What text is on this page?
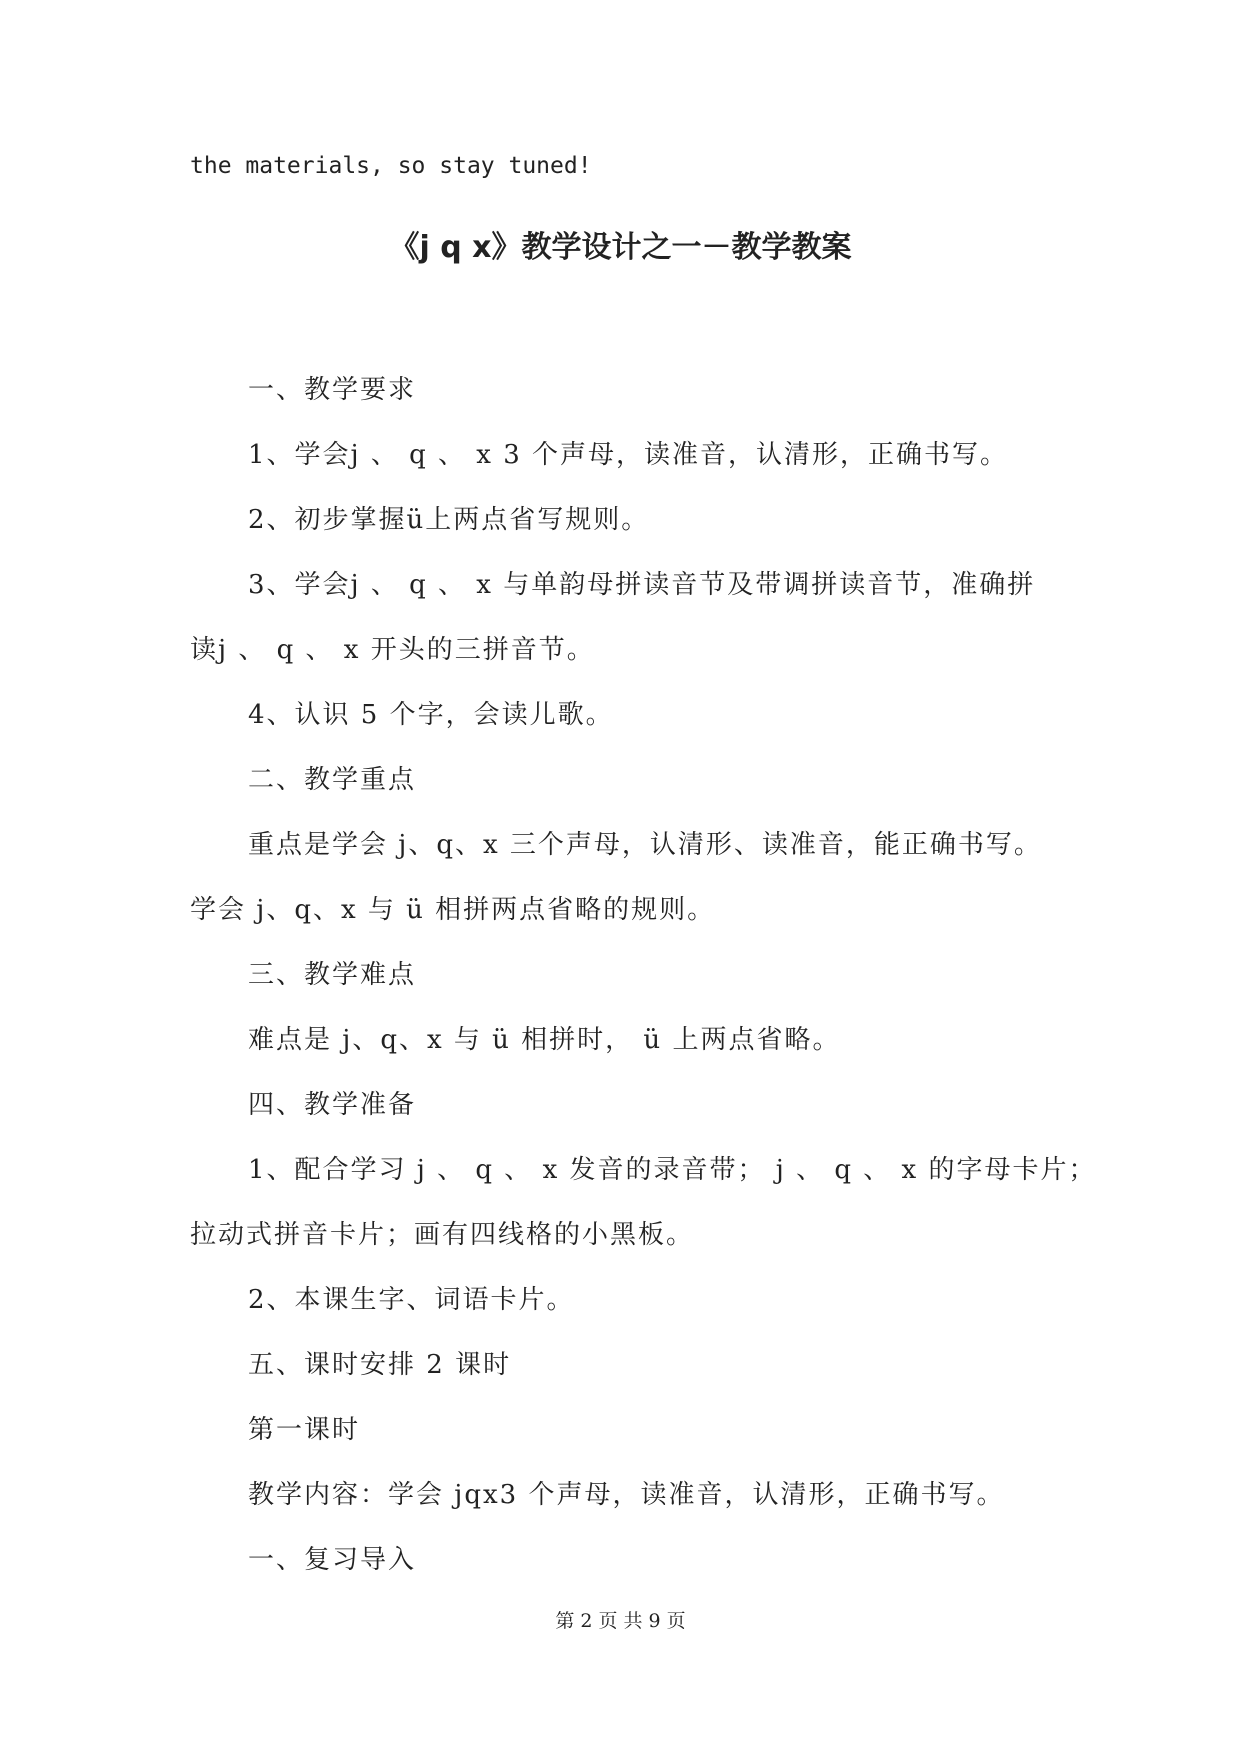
the materials, so stay tuned!
《j q x》教学设计之一－教学教案

一、教学要求

1、学会j 、 q 、 x 3 个声母，读准音，认清形，正确书写。

2、初步掌握ü上两点省写规则。

3、学会j 、 q 、 x 与单韵母拼读音节及带调拼读音节，准确拼

读j 、 q 、 x 开头的三拼音节。

4、认识 5 个字，会读儿歌。

二、教学重点

重点是学会 j、q、x 三个声母，认清形、读准音，能正确书写。

学会 j、q、x 与 ü 相拼两点省略的规则。

三、教学难点

难点是 j、q、x 与 ü 相拼时， ü 上两点省略。

四、教学准备

1、配合学习 j 、 q 、 x 发音的录音带； j 、 q 、 x 的字母卡片；

拉动式拼音卡片；画有四线格的小黑板。

2、本课生字、词语卡片。

五、课时安排 2 课时

第一课时

教学内容：学会 jqx3 个声母，读准音，认清形，正确书写。

一、复习导入

第 2 页 共 9 页
